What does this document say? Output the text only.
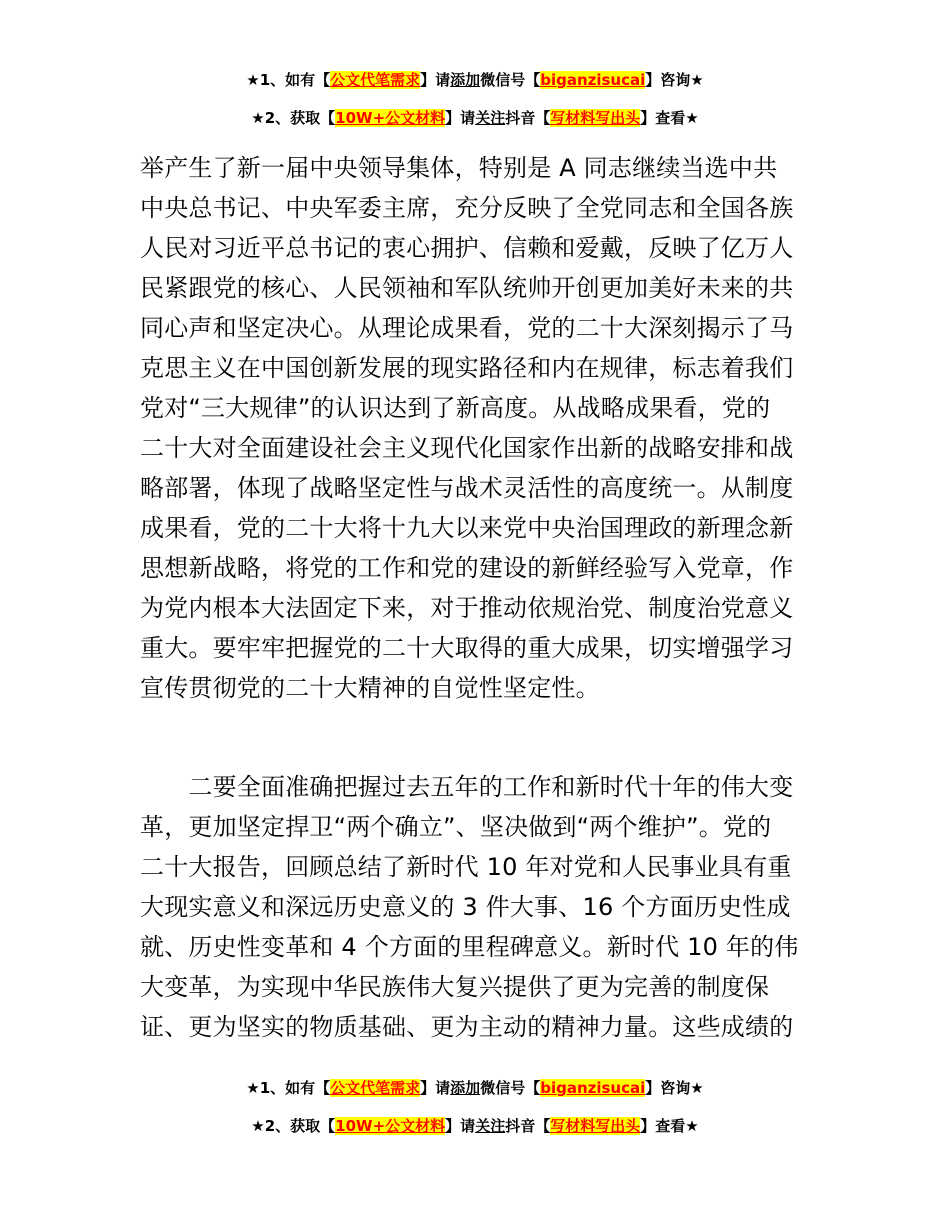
★1、如有【公文代笔需求】请添加微信号【biganzisucai】咨询★
★2、获取【10W+公文材料】请关注抖音【写材料写出头】查看★
举产生了新一届中央领导集体，特别是 A 同志继续当选中共
中央总书记、中央军委主席，充分反映了全党同志和全国各族
人民对习近平总书记的衷心拥护、信赖和爱戴，反映了亿万人
民紧跟党的核心、人民领袖和军队统帅开创更加美好未来的共
同心声和坚定决心。从理论成果看，党的二十大深刻揭示了马
克思主义在中国创新发展的现实路径和内在规律，标志着我们
党对“三大规律”的认识达到了新高度。从战略成果看，党的
二十大对全面建设社会主义现代化国家作出新的战略安排和战
略部署，体现了战略坚定性与战术灵活性的高度统一。从制度
成果看，党的二十大将十九大以来党中央治国理政的新理念新
思想新战略，将党的工作和党的建设的新鲜经验写入党章，作
为党内根本大法固定下来，对于推动依规治党、制度治党意义
重大。要牢牢把握党的二十大取得的重大成果，切实增强学习
宣传贯彻党的二十大精神的自觉性坚定性。
　　二要全面准确把握过去五年的工作和新时代十年的伟大变
革，更加坚定捍卫“两个确立”、坚决做到“两个维护”。党的
二十大报告，回顾总结了新时代 10 年对党和人民事业具有重
大现实意义和深远历史意义的 3 件大事、16 个方面历史性成
就、历史性变革和 4 个方面的里程碑意义。新时代 10 年的伟
大变革，为实现中华民族伟大复兴提供了更为完善的制度保
证、更为坚实的物质基础、更为主动的精神力量。这些成绩的
★1、如有【公文代笔需求】请添加微信号【biganzisucai】咨询★
★2、获取【10W+公文材料】请关注抖音【写材料写出头】查看★
